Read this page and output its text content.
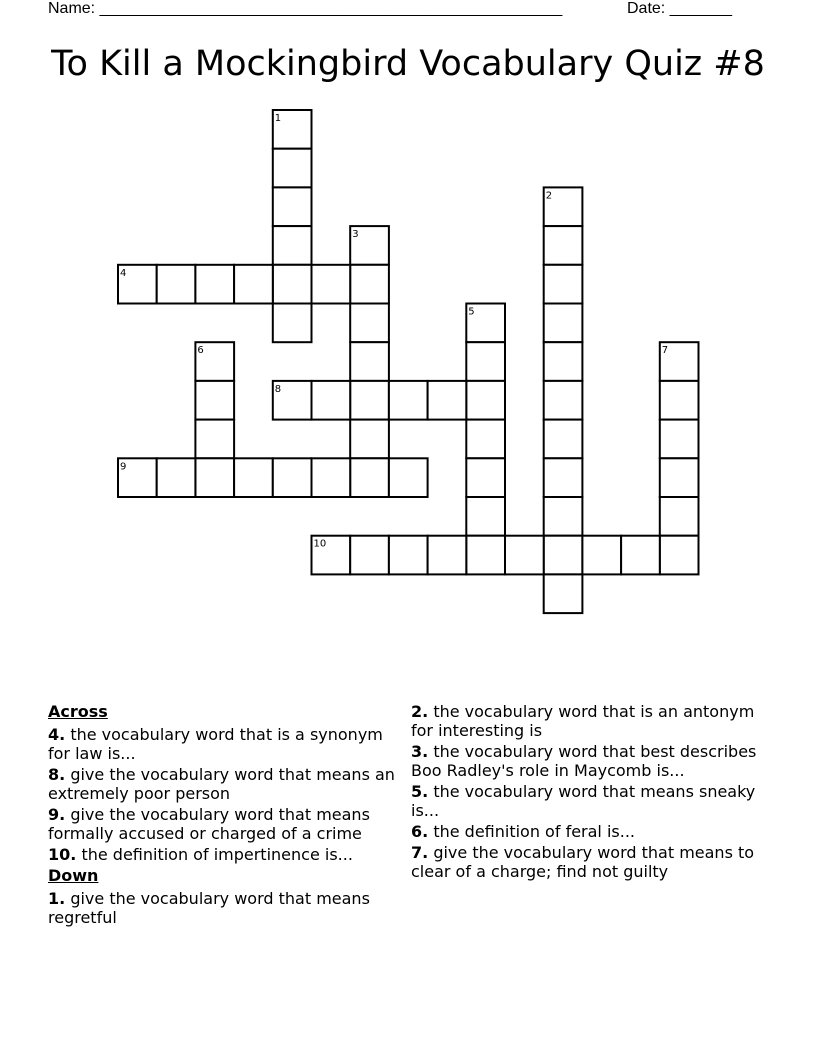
Name: ____________________________________________________	Date: _______
To Kill a Mockingbird Vocabulary Quiz #8
1
2
3
4
5
6	7
8
9
10
Across
4. the vocabulary word that is a synonym for law is...
8. give the vocabulary word that means an extremely poor person
9. give the vocabulary word that means formally accused or charged of a crime
10. the definition of impertinence is...
Down
1. give the vocabulary word that means regretful
2. the vocabulary word that is an antonym for interesting is
3. the vocabulary word that best describes Boo Radley's role in Maycomb is...
5. the vocabulary word that means sneaky is...
6. the definition of feral is...
7. give the vocabulary word that means to clear of a charge; find not guilty
